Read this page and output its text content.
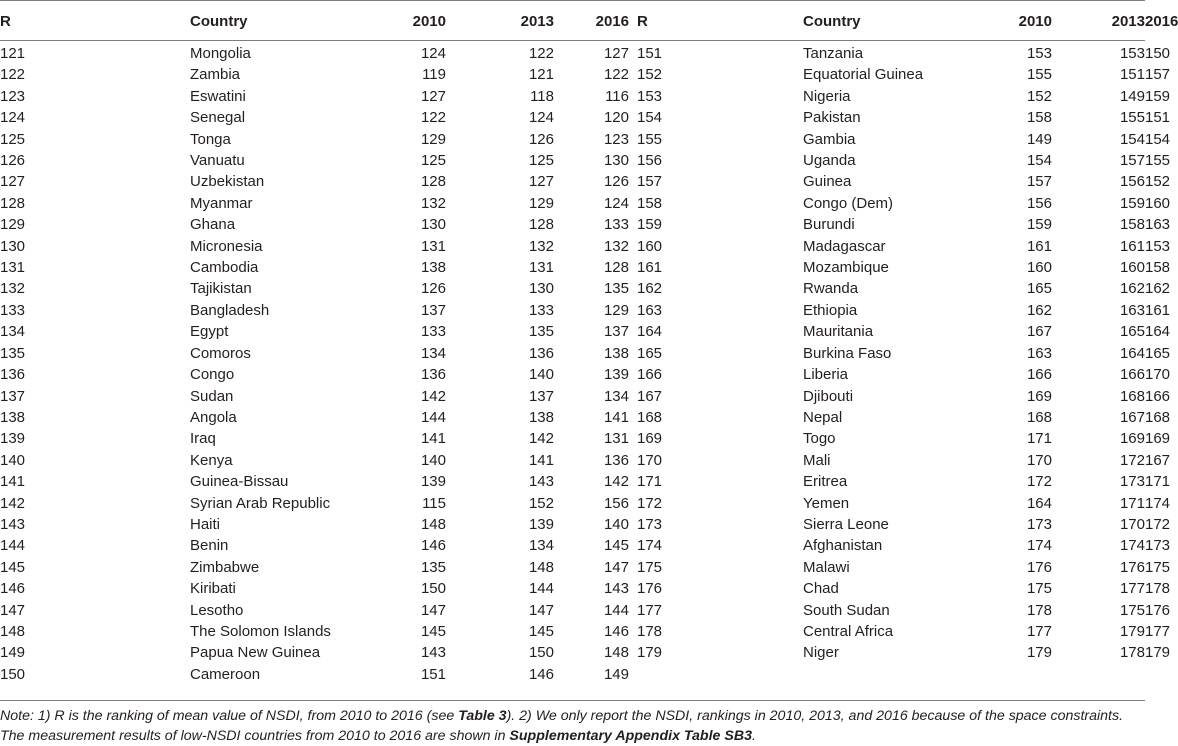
R	Country	2010	2013	2016	R	Country	2010	2013	2016
121	Mongolia	124	122	127	151	Tanzania	153	153	150
122	Zambia	119	121	122	152	Equatorial Guinea	155	151	157
123	Eswatini	127	118	116	153	Nigeria	152	149	159
124	Senegal	122	124	120	154	Pakistan	158	155	151
125	Tonga	129	126	123	155	Gambia	149	154	154
126	Vanuatu	125	125	130	156	Uganda	154	157	155
127	Uzbekistan	128	127	126	157	Guinea	157	156	152
128	Myanmar	132	129	124	158	Congo (Dem)	156	159	160
129	Ghana	130	128	133	159	Burundi	159	158	163
130	Micronesia	131	132	132	160	Madagascar	161	161	153
131	Cambodia	138	131	128	161	Mozambique	160	160	158
132	Tajikistan	126	130	135	162	Rwanda	165	162	162
133	Bangladesh	137	133	129	163	Ethiopia	162	163	161
134	Egypt	133	135	137	164	Mauritania	167	165	164
135	Comoros	134	136	138	165	Burkina Faso	163	164	165
136	Congo	136	140	139	166	Liberia	166	166	170
137	Sudan	142	137	134	167	Djibouti	169	168	166
138	Angola	144	138	141	168	Nepal	168	167	168
139	Iraq	141	142	131	169	Togo	171	169	169
140	Kenya	140	141	136	170	Mali	170	172	167
141	Guinea-Bissau	139	143	142	171	Eritrea	172	173	171
142	Syrian Arab Republic	115	152	156	172	Yemen	164	171	174
143	Haiti	148	139	140	173	Sierra Leone	173	170	172
144	Benin	146	134	145	174	Afghanistan	174	174	173
145	Zimbabwe	135	148	147	175	Malawi	176	176	175
146	Kiribati	150	144	143	176	Chad	175	177	178
147	Lesotho	147	147	144	177	South Sudan	178	175	176
148	The Solomon Islands	145	145	146	178	Central Africa	177	179	177
149	Papua New Guinea	143	150	148	179	Niger	179	178	179
150	Cameroon	151	146	149					
Note: 1) R is the ranking of mean value of NSDI, from 2010 to 2016 (see Table 3). 2) We only report the NSDI, rankings in 2010, 2013, and 2016 because of the space constraints. The measurement results of low-NSDI countries from 2010 to 2016 are shown in Supplementary Appendix Table SB3.
